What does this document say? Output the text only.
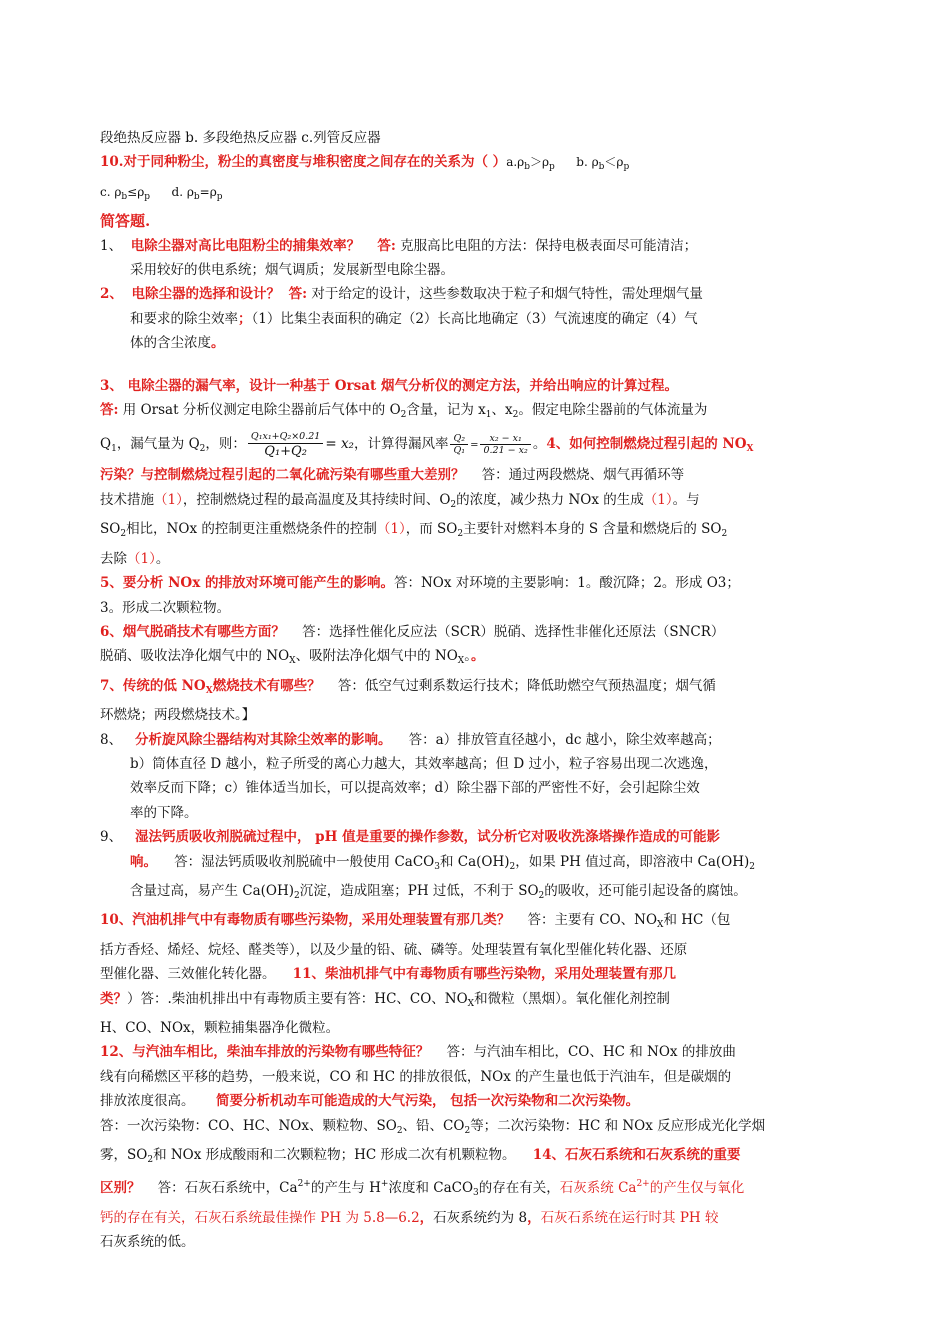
段绝热反应器 b. 多段绝热反应器 c.列管反应器
10.对于同种粉尘，粉尘的真密度与堆积密度之间存在的关系为（ ）$a.\rho_b>\rho_p$ b. $\rho_b<\rho_p$
c. $\rho_b\le\rho_p$ d. $\rho_b=\rho_p$
简答题.
1、 电除尘器对高比电阻粉尘的捕集效率？ 答: 克服高比电阻的方法：保持电极表面尽可能清洁；
采用较好的供电系统；烟气调质；发展新型电除尘器。
2、 电除尘器的选择和设计？ 答: 对于给定的设计，这些参数取决于粒子和烟气特性，需处理烟气量
和要求的除尘效率；（1）比集尘表面积的确定（2）长高比地确定（3）气流速度的确定（4）气
体的含尘浓度。
3、 电除尘器的漏气率，设计一种基于 Orsat 烟气分析仪的测定方法，并给出响应的计算过程。
答: 用 Orsat 分析仪测定电除尘器前后气体中的 $O_2$含量，记为 $x_1$、$x_2$。假定电除尘器前的气体流量为
$Q_1$，漏气量为 $Q_2$，则： $\frac{\text{Q₁x₁+Q₂×0.21}}{\text{Q₁+Q₂}} = x_2$，计算得漏风率 $\frac{\text{Q₂}}{\text{Q₁}} = \frac{\text{x₂ − x₁}}{\text{0.21 − x₂}}$ 。4、如何控制燃烧过程引起的 $NO_X$
污染？与控制燃烧过程引起的二氧化硫污染有哪些重大差别？ 答：通过两段燃烧、烟气再循环等
技术措施（1），控制燃烧过程的最高温度及其持续时间、$O_2$的浓度，减少热力 NOx 的生成（1）。与
$SO_2$相比，NOx 的控制更注重燃烧条件的控制（1），而 $SO_2$主要针对燃料本身的 S 含量和燃烧后的 $SO_2$
去除（1）。
5、要分析 NOx 的排放对环境可能产生的影响。答：NOx 对环境的主要影响：1。酸沉降；2。形成 O3；
3。形成二次颗粒物。
6、烟气脱硝技术有哪些方面？ 答：选择性催化反应法（SCR）脱硝、选择性非催化还原法（SNCR）
脱硝、吸收法净化烟气中的 $NO_X$、吸附法净化烟气中的 $NO_X$。。
7、传统的低 $NO_X$燃烧技术有哪些？ 答：低空气过剩系数运行技术；降低助燃空气预热温度；烟气循
环燃烧；两段燃烧技术。】
8、 分析旋风除尘器结构对其除尘效率的影响。 答：a）排放管直径越小，dc 越小，除尘效率越高；
b）筒体直径 D 越小，粒子所受的离心力越大，其效率越高；但 D 过小，粒子容易出现二次逃逸，
效率反而下降；c）锥体适当加长，可以提高效率；d）除尘器下部的严密性不好，会引起除尘效
率的下降。
9、 湿法钙质吸收剂脱硫过程中， pH 值是重要的操作参数，试分析它对吸收洗涤塔操作造成的可能影
响。 答：湿法钙质吸收剂脱硫中一般使用 CaCO$_3$和 $Ca(OH)_2$，如果 PH 值过高，即溶液中 $Ca(OH)_2$
含量过高，易产生 $Ca(OH)_2$沉淀，造成阻塞；PH 过低，不利于 $SO_2$的吸收，还可能引起设备的腐蚀。
10、汽油机排气中有毒物质有哪些污染物，采用处理装置有那几类？ 答：主要有 CO、$NO_X$和 HC（包
括方香烃、烯烃、烷烃、醛类等），以及少量的铅、硫、磷等。处理装置有氧化型催化转化器、还原
型催化器、三效催化转化器。 11、柴油机排气中有毒物质有哪些污染物，采用处理装置有那几
类？）答：.柴油机排出中有毒物质主要有答：HC、CO、$NO_X$和微粒（黑烟）。氧化催化剂控制
H、CO、NOx，颗粒捕集器净化微粒。
12、与汽油车相比，柴油车排放的污染物有哪些特征？ 答：与汽油车相比，CO、HC 和 NOx 的排放曲
线有向稀燃区平移的趋势，一般来说，CO 和 HC 的排放很低，NOx 的产生量也低于汽油车，但是碳烟的
排放浓度很高。 简要分析机动车可能造成的大气污染， 包括一次污染物和二次污染物。
答：一次污染物：CO、HC、NOx、颗粒物、$SO_2$、铅、$CO_2$等；二次污染物：HC 和 NOx 反应形成光化学烟
雾，$SO_2$和 NOx 形成酸雨和二次颗粒物；HC 形成二次有机颗粒物。 14、石灰石系统和石灰系统的重要
区别？ 答：石灰石系统中，$Ca^{2+}$的产生与 H+浓度和 CaCO$_3$的存在有关，石灰系统 $Ca^{2+}$的产生仅与氧化
钙的存在有关，石灰石系统最佳操作 PH 为 5.8—6.2，石灰系统约为 8，石灰石系统在运行时其 PH 较
石灰系统的低。
